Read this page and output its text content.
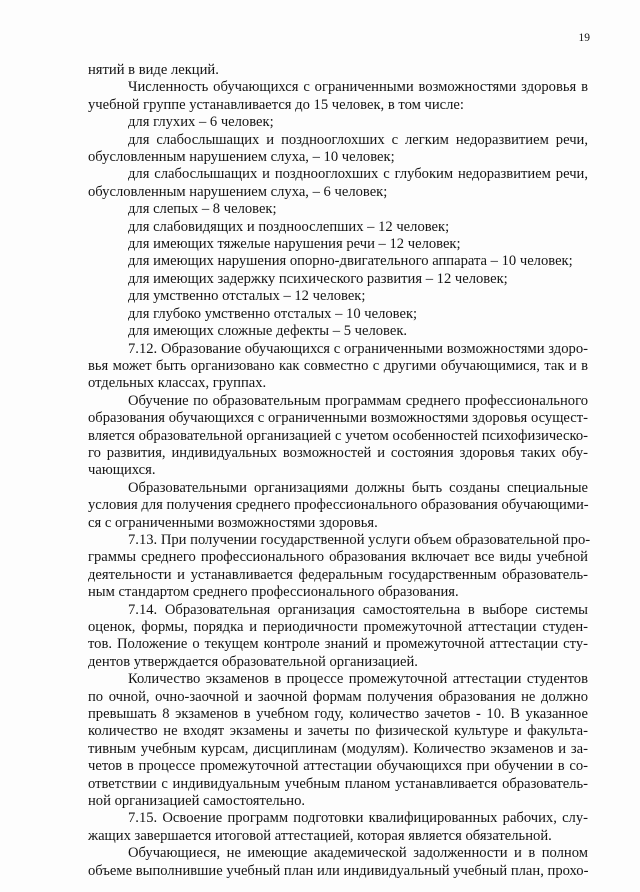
19
нятий в виде лекций.
Численность обучающихся с ограниченными возможностями здоровья в
учебной группе устанавливается до 15 человек, в том числе:
для глухих – 6 человек;
для слабослышащих и позднооглохших с легким недоразвитием речи,
обусловленным нарушением слуха, – 10 человек;
для слабослышащих и позднооглохших с глубоким недоразвитием речи,
обусловленным нарушением слуха, – 6 человек;
для слепых – 8 человек;
для слабовидящих и поздноослепших – 12 человек;
для имеющих тяжелые нарушения речи – 12 человек;
для имеющих нарушения опорно-двигательного аппарата – 10 человек;
для имеющих задержку психического развития – 12 человек;
для умственно отсталых – 12 человек;
для глубоко умственно отсталых – 10 человек;
для имеющих сложные дефекты – 5 человек.
7.12. Образование обучающихся с ограниченными возможностями здоро-
вья может быть организовано как совместно с другими обучающимися, так и в
отдельных классах, группах.
Обучение по образовательным программам среднего профессионального
образования обучающихся с ограниченными возможностями здоровья осущест-
вляется образовательной организацией с учетом особенностей психофизическо-
го развития, индивидуальных возможностей и состояния здоровья таких обу-
чающихся.
Образовательными организациями должны быть созданы специальные
условия для получения среднего профессионального образования обучающими-
ся с ограниченными возможностями здоровья.
7.13. При получении государственной услуги объем образовательной про-
граммы среднего профессионального образования включает все виды учебной
деятельности и устанавливается федеральным государственным образователь-
ным стандартом среднего профессионального образования.
7.14. Образовательная организация самостоятельна в выборе системы
оценок, формы, порядка и периодичности промежуточной аттестации студен-
тов. Положение о текущем контроле знаний и промежуточной аттестации сту-
дентов утверждается образовательной организацией.
Количество экзаменов в процессе промежуточной аттестации студентов
по очной, очно-заочной и заочной формам получения образования не должно
превышать 8 экзаменов в учебном году, количество зачетов - 10. В указанное
количество не входят экзамены и зачеты по физической культуре и факульта-
тивным учебным курсам, дисциплинам (модулям). Количество экзаменов и за-
четов в процессе промежуточной аттестации обучающихся при обучении в со-
ответствии с индивидуальным учебным планом устанавливается образователь-
ной организацией самостоятельно.
7.15. Освоение программ подготовки квалифицированных рабочих, слу-
жащих завершается итоговой аттестацией, которая является обязательной.
Обучающиеся, не имеющие академической задолженности и в полном
объеме выполнившие учебный план или индивидуальный учебный план, прохо-
